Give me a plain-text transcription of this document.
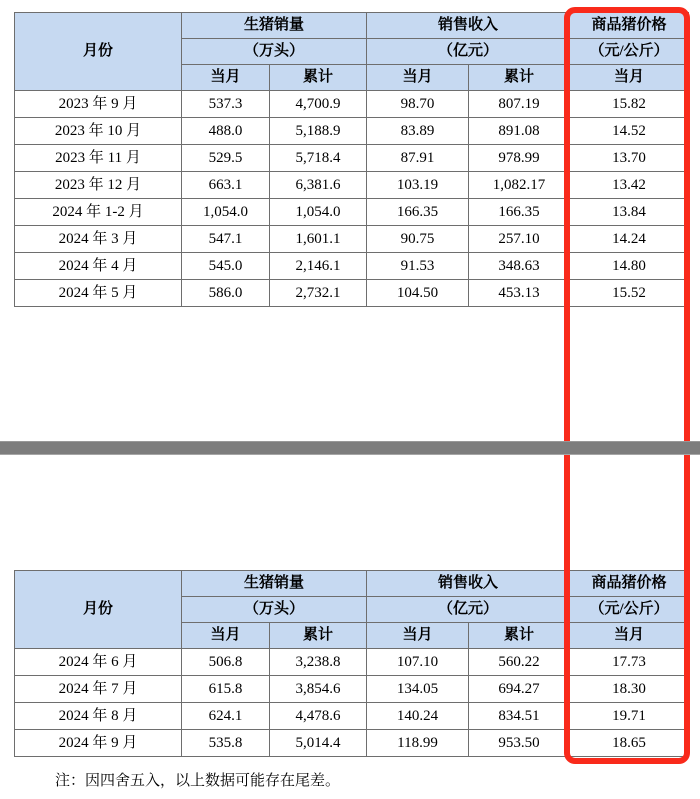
月份	生猪销量		销售收入		商品猪价格
	（万头）		（亿元）		（元/公斤）
	当月	累计	当月	累计	当月
2023 年 9 月	537.3	4,700.9	98.70	807.19	15.82
2023 年 10 月	488.0	5,188.9	83.89	891.08	14.52
2023 年 11 月	529.5	5,718.4	87.91	978.99	13.70
2023 年 12 月	663.1	6,381.6	103.19	1,082.17	13.42
2024 年 1-2 月	1,054.0	1,054.0	166.35	166.35	13.84
2024 年 3 月	547.1	1,601.1	90.75	257.10	14.24
2024 年 4 月	545.0	2,146.1	91.53	348.63	14.80
2024 年 5 月	586.0	2,732.1	104.50	453.13	15.52
月份	生猪销量		销售收入		商品猪价格
	（万头）		（亿元）		（元/公斤）
	当月	累计	当月	累计	当月
2024 年 6 月	506.8	3,238.8	107.10	560.22	17.73
2024 年 7 月	615.8	3,854.6	134.05	694.27	18.30
2024 年 8 月	624.1	4,478.6	140.24	834.51	19.71
2024 年 9 月	535.8	5,014.4	118.99	953.50	18.65
注：因四舍五入，以上数据可能存在尾差。
